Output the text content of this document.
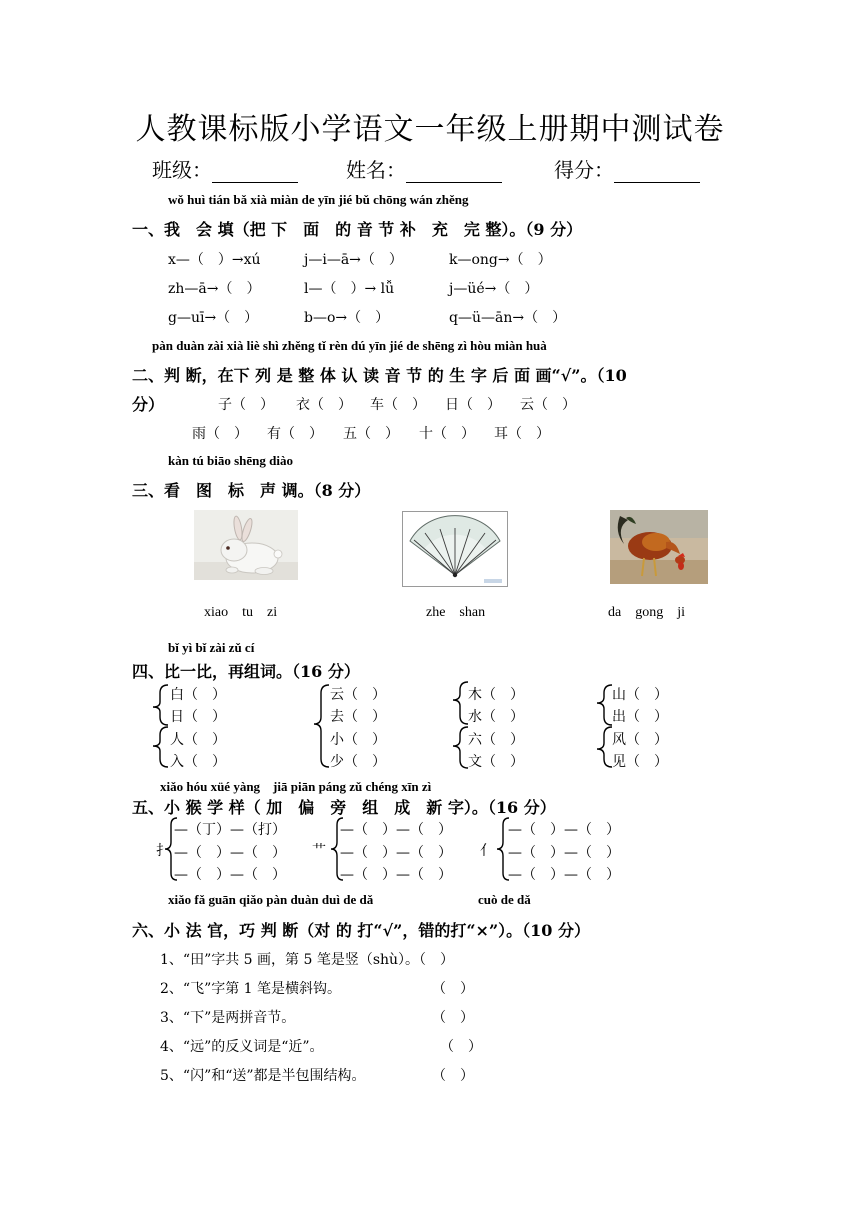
人教课标版小学语文一年级上册期中测试卷
班级：	姓名：	得分：
wǒ huì tián bǎ xià miàn de yīn jié bǔ chōng wán zhěng
一、我　会 填（把 下　面　的 音 节 补　充　完 整）。（9 分）
x—（　）→xú	j—i—ā→（　）	k—ong→（　）
zh—ā→（　）	l—（　）→ lǚ	j—üé→（　）
g—uī→（　）	b—o→（　）	q—ü—ān→（　）
pàn duàn zài xià liè shì zhěng tǐ rèn dú yīn jié de shēng zì hòu miàn huà
二、判 断，在下 列 是 整 体 认 读 音 节 的 生 字 后 面 画“√”。（10
分）	子（　） 衣（　） 车（　） 日（　） 云（　）
雨（　） 有（　） 五（　） 十（　） 耳（　）
kàn tú biāo shēng diào
三、看　图　标　声 调。（8 分）
xiao　tu　zi	zhe　shan	da　gong　ji
bǐ yì bǐ zài zǔ cí
四、比一比，再组词。（16 分）
白（　）
日（　）
人（　）
入（　）
云（　）
去（　）
小（　）
少（　）
木（　）
水（　）
六（　）
文（　）
山（　）
出（　）
风（　）
见（　）
xiǎo hóu xüé yàng　jiā piān páng zǔ chéng xīn zì
五、小 猴 学 样（ 加　偏　旁　组　成　新 字）。（16 分）
扌
—（丁）—（打）
—（　）—（　）
—（　）—（　）
艹
—（　）—（　）
—（　）—（　）
—（　）—（　）
亻
—（　）—（　）
—（　）—（　）
—（　）—（　）
xiǎo fǎ guān qiǎo pàn duàn duì de dǎ	cuò de dǎ
六、小 法 官，巧 判 断（对 的 打“√”，错的打“×”）。（10 分）
1、“田”字共 5 画，第 5 笔是竖（shù）。（　）
2、“飞”字第 1 笔是横斜钩。	（　）
3、“下”是两拼音节。	（　）
4、“远”的反义词是“近”。	（　）
5、“闪”和“送”都是半包围结构。	（　）
